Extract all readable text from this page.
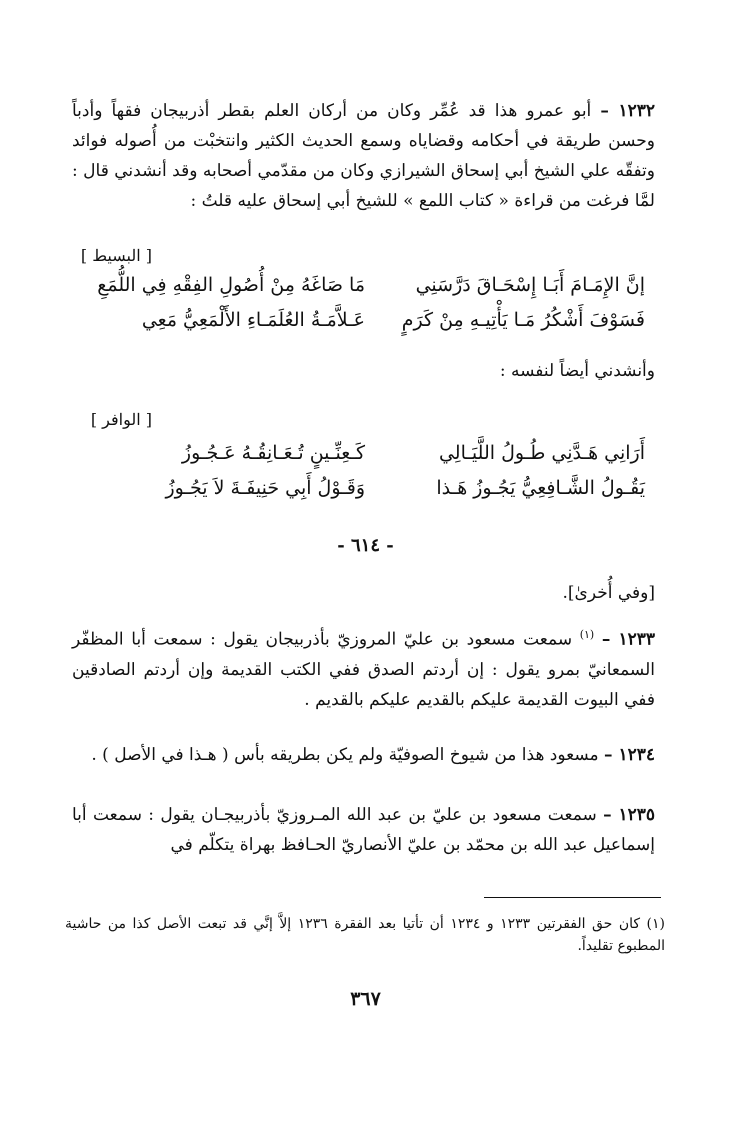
١٢٣٢ – أبو عمرو هذا قد عُمِّر وكان من أركان العلم بقطر أذربيجان فقهاً وأدباً وحسن طريقة في أحكامه وقضاياه وسمع الحديث الكثير وانتخبْت من أُصوله فوائد وتفقّه علي الشيخ أبي إسحاق الشيرازي وكان من مقدّمي أصحابه وقد أنشدني قال : لمَّا فرغت من قراءة « كتاب اللمع » للشيخ أبي إسحاق عليه قلتُ :
[ البسيط ]
إنَّ الإِمَـامَ أَبَـا إِسْحَـاقَ دَرَّسَنِي
مَا صَاغَهُ مِنْ أُصُولِ الفِقْهِ فِي اللُّمَعِ
فَسَوْفَ أَشْكُرُ مَـا يَأْتِيـهِ مِنْ كَرَمٍ
عَـلاَّمَـةُ العُلَمَـاءِ الأَلْمَعِيُّ مَعِي
وأنشدني أيضاً لنفسه :
[ الوافر ]
أَرَانِي هَـدَّنِي طُـولُ اللَّيَـالِي
كَـعِنِّـينٍ تُـعَـانِقُـهُ عَـجُـوزُ
يَقُـولُ الشَّـافِعِيُّ يَجُـوزُ هَـذا
وَقَـوْلُ أَبِي حَنِيفَـةَ لاَ يَجُـوزُ
- ٦١٤ -
[وفي أُخرىٰ].
١٢٣٣ – $^{(١)}$ سمعت مسعود بن عليّ المروزيّ بأذربيجان يقول : سمعت أبا المظفّر السمعانيّ بمرو يقول : إن أردتم الصدق ففي الكتب القديمة وإن أردتم الصادقين ففي البيوت القديمة عليكم بالقديم عليكم بالقديم .
١٢٣٤ – مسعود هذا من شيوخ الصوفيّة ولم يكن بطريقه بأس ( هـذا في الأصل ) .
١٢٣٥ – سمعت مسعود بن عليّ بن عبد الله المـروزيّ بأذربيجـان يقول : سمعت أبا إسماعيل عبد الله بن محمّد بن عليّ الأنصاريّ الحـافظ بهراة يتكلّم في
(١) كان حق الفقرتين ١٢٣٣ و ١٢٣٤ أن تأتيا بعد الفقرة ١٢٣٦ إلاَّ إنَّي قد تبعت الأصل كذا من حاشية المطبوع تقليداً.
٣٦٧
